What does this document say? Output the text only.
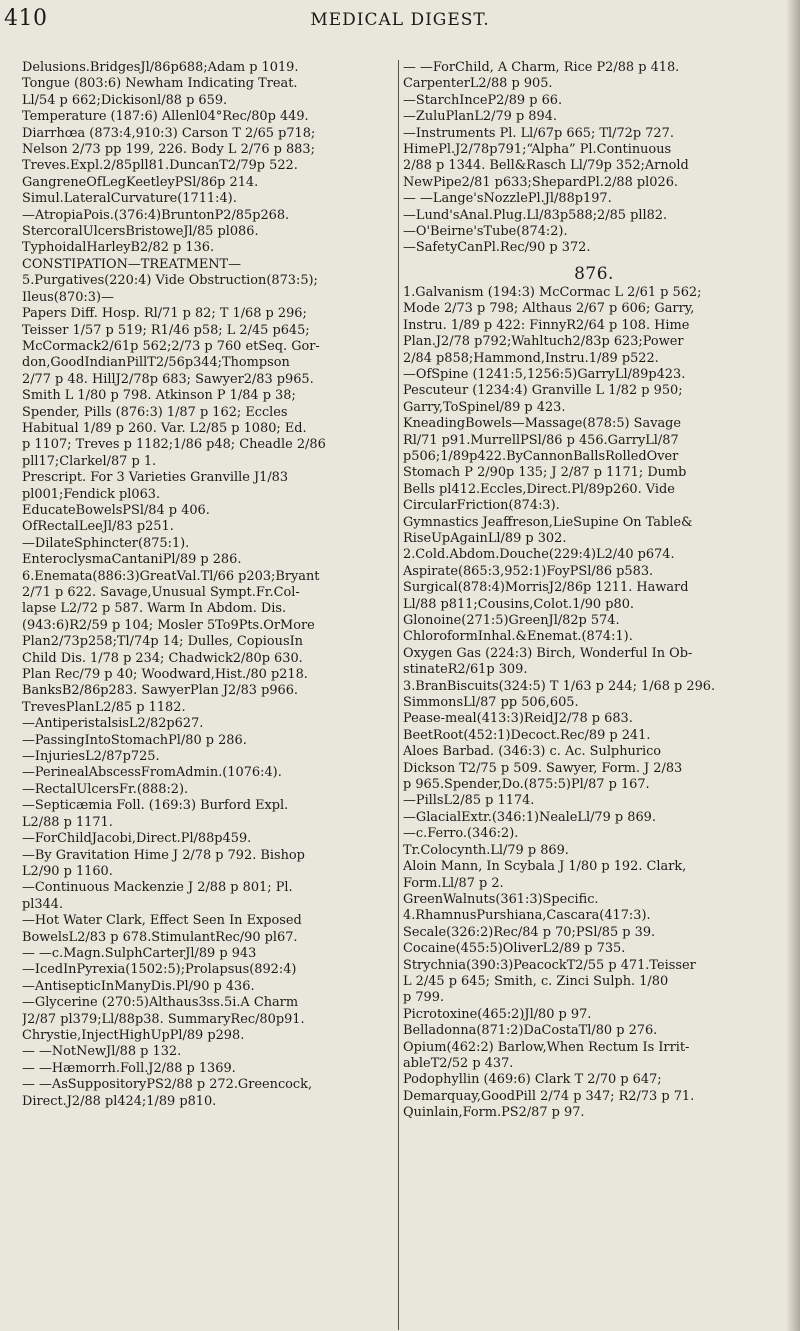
410	MEDICAL DIGEST.
Delusions.BridgesJl/86p688;Adam p 1019.
Tongue (803:6) Newham Indicating Treat.
Ll/54 p 662;Dickisonl/88 p 659.
Temperature (187:6) Allenl04°Rec/80p 449.
Diarrhœa (873:4,910:3) Carson T 2/65 p718;
Nelson 2/73 pp 199, 226. Body L 2/76 p 883;
Treves.Expl.2/85pll81.DuncanT2/79p 522.
GangreneOfLegKeetleyPSl/86p 214.
Simul.LateralCurvature(1711:4).
—AtropiaPois.(376:4)BruntonP2/85p268.
StercoralUlcersBristoweJl/85 pl086.
TyphoidalHarleyB2/82 p 136.
CONSTIPATION—TREATMENT—
5.Purgatives(220:4) Vide Obstruction(873:5);
Ileus(870:3)—
Papers Diff. Hosp. Rl/71 p 82; T 1/68 p 296;
Teisser 1/57 p 519; R1/46 p58; L 2/45 p645;
McCormack2/61p 562;2/73 p 760 etSeq. Gor-
don,GoodIndianPillT2/56p344;Thompson
2/77 p 48. HillJ2/78p 683; Sawyer2/83 p965.
Smith L 1/80 p 798. Atkinson P 1/84 p 38;
Spender, Pills (876:3) 1/87 p 162; Eccles
Habitual 1/89 p 260. Var. L2/85 p 1080; Ed.
p 1107; Treves p 1182;1/86 p48; Cheadle 2/86
pll17;Clarkel/87 p 1.
Prescript. For 3 Varieties Granville J1/83
pl001;Fendick pl063.
EducateBowelsPSl/84 p 406.
OfRectalLeeJl/83 p251.
—DilateSphincter(875:1).
EnteroclysmaCantaniPl/89 p 286.
6.Enemata(886:3)GreatVal.Tl/66 p203;Bryant
2/71 p 622. Savage,Unusual Sympt.Fr.Col-
lapse L2/72 p 587. Warm In Abdom. Dis.
(943:6)R2/59 p 104; Mosler 5To9Pts.OrMore
Plan2/73p258;Tl/74p 14; Dulles, CopiousIn
Child Dis. 1/78 p 234; Chadwick2/80p 630.
Plan Rec/79 p 40; Woodward,Hist./80 p218.
BanksB2/86p283. SawyerPlan J2/83 p966.
TrevesPlanL2/85 p 1182.
—AntiperistalsisL2/82p627.
—PassingIntoStomachPl/80 p 286.
—InjuriesL2/87p725.
—PerinealAbscessFromAdmin.(1076:4).
—RectalUlcersFr.(888:2).
—Septicæmia Foll. (169:3) Burford Expl.
L2/88 p 1171.
—ForChildJacobi,Direct.Pl/88p459.
—By Gravitation Hime J 2/78 p 792. Bishop
L2/90 p 1160.
—Continuous Mackenzie J 2/88 p 801; Pl.
pl344.
—Hot Water Clark, Effect Seen In Exposed
BowelsL2/83 p 678.StimulantRec/90 pl67.
— —c.Magn.SulphCarterJl/89 p 943
—IcedInPyrexia(1502:5);Prolapsus(892:4)
—AntisepticInManyDis.Pl/90 p 436.
—Glycerine (270:5)Althaus3ss.5i.A Charm
J2/87 pl379;Ll/88p38. SummaryRec/80p91.
Chrystie,InjectHighUpPl/89 p298.
— —NotNewJl/88 p 132.
— —Hæmorrh.Foll.J2/88 p 1369.
— —AsSuppositoryPS2/88 p 272.Greencock,
Direct.J2/88 pl424;1/89 p810.
— —ForChild, A Charm, Rice P2/88 p 418.
CarpenterL2/88 p 905.
—StarchInceP2/89 p 66.
—ZuluPlanL2/79 p 894.
—Instruments Pl. Ll/67p 665; Tl/72p 727.
HimePl.J2/78p791;“Alpha” Pl.Continuous
2/88 p 1344. Bell&Rasch Ll/79p 352;Arnold
NewPipe2/81 p633;ShepardPl.2/88 pl026.
— —Lange'sNozzlePl.Jl/88p197.
—Lund'sAnal.Plug.Ll/83p588;2/85 pll82.
—O'Beirne'sTube(874:2).
—SafetyCanPl.Rec/90 p 372.
876.
1.Galvanism (194:3) McCormac L 2/61 p 562;
Mode 2/73 p 798; Althaus 2/67 p 606; Garry,
Instru. 1/89 p 422: FinnyR2/64 p 108. Hime
Plan.J2/78 p792;Wahltuch2/83p 623;Power
2/84 p858;Hammond,Instru.1/89 p522.
—OfSpine (1241:5,1256:5)GarryLl/89p423.
Pescuteur (1234:4) Granville L 1/82 p 950;
Garry,ToSpinel/89 p 423.
KneadingBowels—Massage(878:5) Savage
Rl/71 p91.MurrellPSl/86 p 456.GarryLl/87
p506;1/89p422.ByCannonBallsRolledOver
Stomach P 2/90p 135; J 2/87 p 1171; Dumb
Bells pl412.Eccles,Direct.Pl/89p260. Vide
CircularFriction(874:3).
Gymnastics Jeaffreson,LieSupine On Table&
RiseUpAgainLl/89 p 302.
2.Cold.Abdom.Douche(229:4)L2/40 p674.
Aspirate(865:3,952:1)FoyPSl/86 p583.
Surgical(878:4)MorrisJ2/86p 1211. Haward
Ll/88 p811;Cousins,Colot.1/90 p80.
Glonoine(271:5)GreenJl/82p 574.
ChloroformInhal.&Enemat.(874:1).
Oxygen Gas (224:3) Birch, Wonderful In Ob-
stinateR2/61p 309.
3.BranBiscuits(324:5) T 1/63 p 244; 1/68 p 296.
SimmonsLl/87 pp 506,605.
Pease-meal(413:3)ReidJ2/78 p 683.
BeetRoot(452:1)Decoct.Rec/89 p 241.
Aloes Barbad. (346:3) c. Ac. Sulphurico
Dickson T2/75 p 509. Sawyer, Form. J 2/83
p 965.Spender,Do.(875:5)Pl/87 p 167.
—PillsL2/85 p 1174.
—GlacialExtr.(346:1)NealeLl/79 p 869.
—c.Ferro.(346:2).
Tr.Colocynth.Ll/79 p 869.
Aloin Mann, In Scybala J 1/80 p 192. Clark,
Form.Ll/87 p 2.
GreenWalnuts(361:3)Specific.
4.RhamnusPurshiana,Cascara(417:3).
Secale(326:2)Rec/84 p 70;PSl/85 p 39.
Cocaine(455:5)OliverL2/89 p 735.
Strychnia(390:3)PeacockT2/55 p 471.Teisser
L 2/45 p 645; Smith, c. Zinci Sulph. 1/80
p 799.
Picrotoxine(465:2)Jl/80 p 97.
Belladonna(871:2)DaCostaTl/80 p 276.
Opium(462:2) Barlow,When Rectum Is Irrit-
ableT2/52 p 437.
Podophyllin (469:6) Clark T 2/70 p 647;
Demarquay,GoodPill 2/74 p 347; R2/73 p 71.
Quinlain,Form.PS2/87 p 97.
